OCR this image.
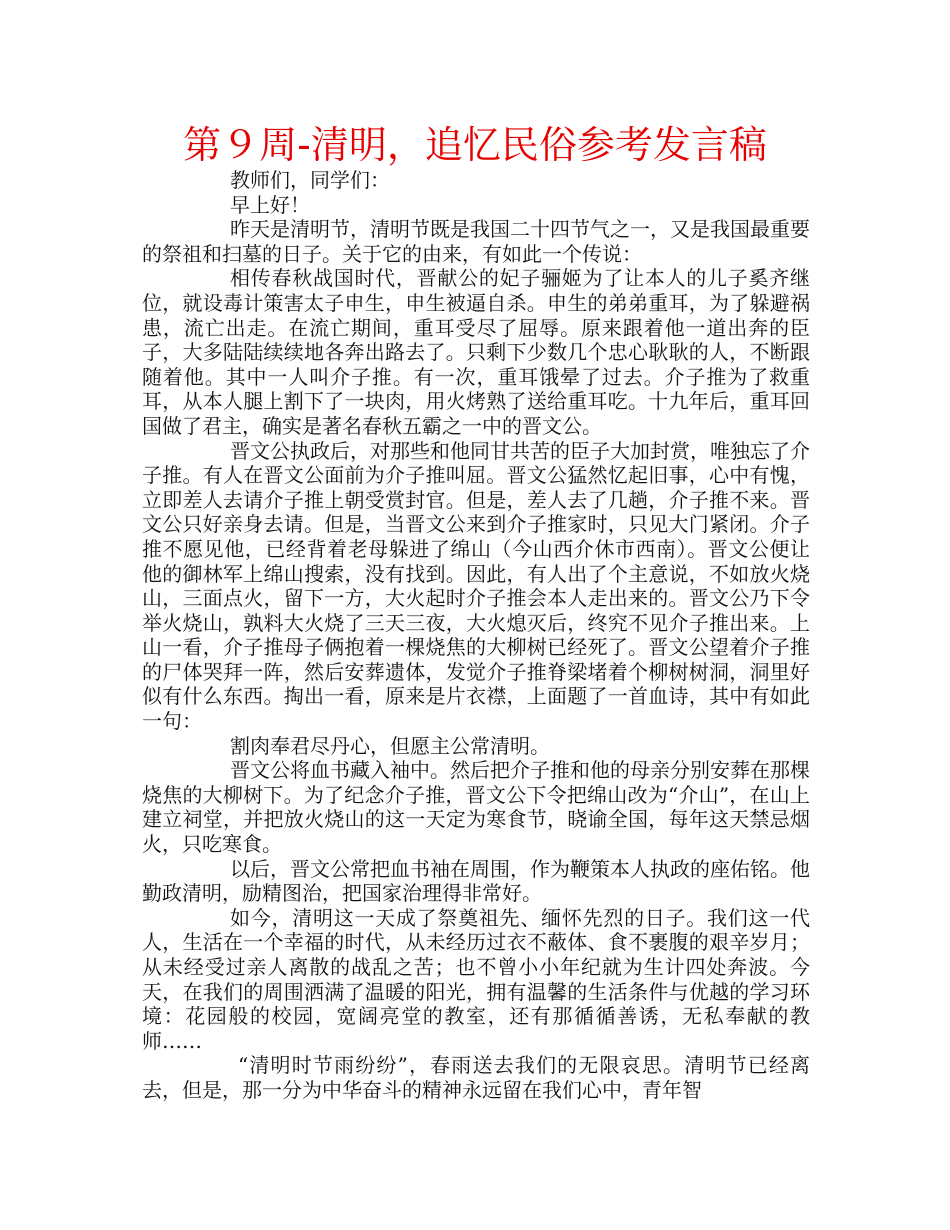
第９周-清明，追忆民俗参考发言稿

教师们，同学们：

早上好！

昨天是清明节，清明节既是我国二十四节气之一，又是我国最重要的祭祖和扫墓的日子。关于它的由来，有如此一个传说：

相传春秋战国时代，晋献公的妃子骊姬为了让本人的儿子奚齐继位，就设毒计策害太子申生，申生被逼自杀。申生的弟弟重耳，为了躲避祸患，流亡出走。在流亡期间，重耳受尽了屈辱。原来跟着他一道出奔的臣子，大多陆陆续续地各奔出路去了。只剩下少数几个忠心耿耿的人，不断跟随着他。其中一人叫介子推。有一次，重耳饿晕了过去。介子推为了救重耳，从本人腿上割下了一块肉，用火烤熟了送给重耳吃。十九年后，重耳回国做了君主，确实是著名春秋五霸之一中的晋文公。

晋文公执政后，对那些和他同甘共苦的臣子大加封赏，唯独忘了介子推。有人在晋文公面前为介子推叫屈。晋文公猛然忆起旧事，心中有愧，立即差人去请介子推上朝受赏封官。但是，差人去了几趟，介子推不来。晋文公只好亲身去请。但是，当晋文公来到介子推家时，只见大门紧闭。介子推不愿见他，已经背着老母躲进了绵山（今山西介休市西南）。晋文公便让他的御林军上绵山搜索，没有找到。因此，有人出了个主意说，不如放火烧山，三面点火，留下一方，大火起时介子推会本人走出来的。晋文公乃下令举火烧山，孰料大火烧了三天三夜，大火熄灭后，终究不见介子推出来。上山一看，介子推母子俩抱着一棵烧焦的大柳树已经死了。晋文公望着介子推的尸体哭拜一阵，然后安葬遗体，发觉介子推脊梁堵着个柳树树洞，洞里好似有什么东西。掏出一看，原来是片衣襟，上面题了一首血诗，其中有如此一句：

割肉奉君尽丹心，但愿主公常清明。

晋文公将血书藏入袖中。然后把介子推和他的母亲分别安葬在那棵烧焦的大柳树下。为了纪念介子推，晋文公下令把绵山改为“介山”，在山上建立祠堂，并把放火烧山的这一天定为寒食节，晓谕全国，每年这天禁忌烟火，只吃寒食。

以后，晋文公常把血书袖在周围，作为鞭策本人执政的座佑铭。他勤政清明，励精图治，把国家治理得非常好。

如今，清明这一天成了祭奠祖先、缅怀先烈的日子。我们这一代人，生活在一个幸福的时代，从未经历过衣不蔽体、食不裹腹的艰辛岁月；从未经受过亲人离散的战乱之苦；也不曾小小年纪就为生计四处奔波。今天，在我们的周围洒满了温暖的阳光，拥有温馨的生活条件与优越的学习环境：花园般的校园，宽阔亮堂的教室，还有那循循善诱，无私奉献的教师……

“清明时节雨纷纷”，春雨送去我们的无限哀思。清明节已经离去，但是，那一分为中华奋斗的精神永远留在我们心中，青年智
